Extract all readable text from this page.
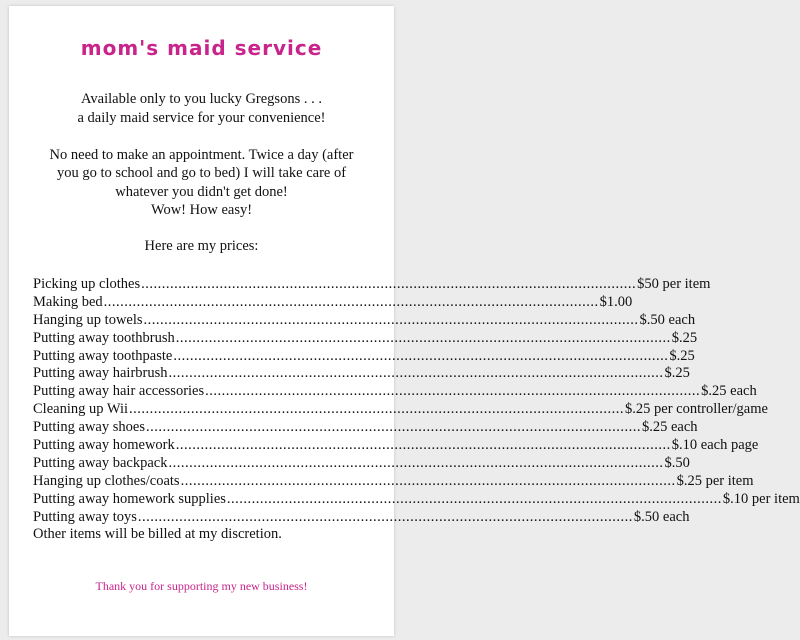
mom's maid service
Available only to you lucky Gregsons . . .
a daily maid service for your convenience!
No need to make an appointment. Twice a day (after
you go to school and go to bed) I will take care of
whatever you didn't get done!
Wow! How easy!
Here are my prices:
Picking up clothes ........................................................................................................................ $50 per item
Making bed ........................................................................................................................ $1.00
Hanging up towels ........................................................................................................................ $.50 each
Putting away toothbrush ........................................................................................................................ $.25
Putting away toothpaste ........................................................................................................................ $.25
Putting away hairbrush ........................................................................................................................ $.25
Putting away hair accessories ........................................................................................................................ $.25 each
Cleaning up Wii ........................................................................................................................ $.25 per controller/game
Putting away shoes ........................................................................................................................ $.25 each
Putting away homework ........................................................................................................................ $.10 each page
Putting away backpack ........................................................................................................................ $.50
Hanging up clothes/coats ........................................................................................................................ $.25 per item
Putting away homework supplies ........................................................................................................................ $.10 per item
Putting away toys ........................................................................................................................ $.50 each
Other items will be billed at my discretion.
Thank you for supporting my new business!
